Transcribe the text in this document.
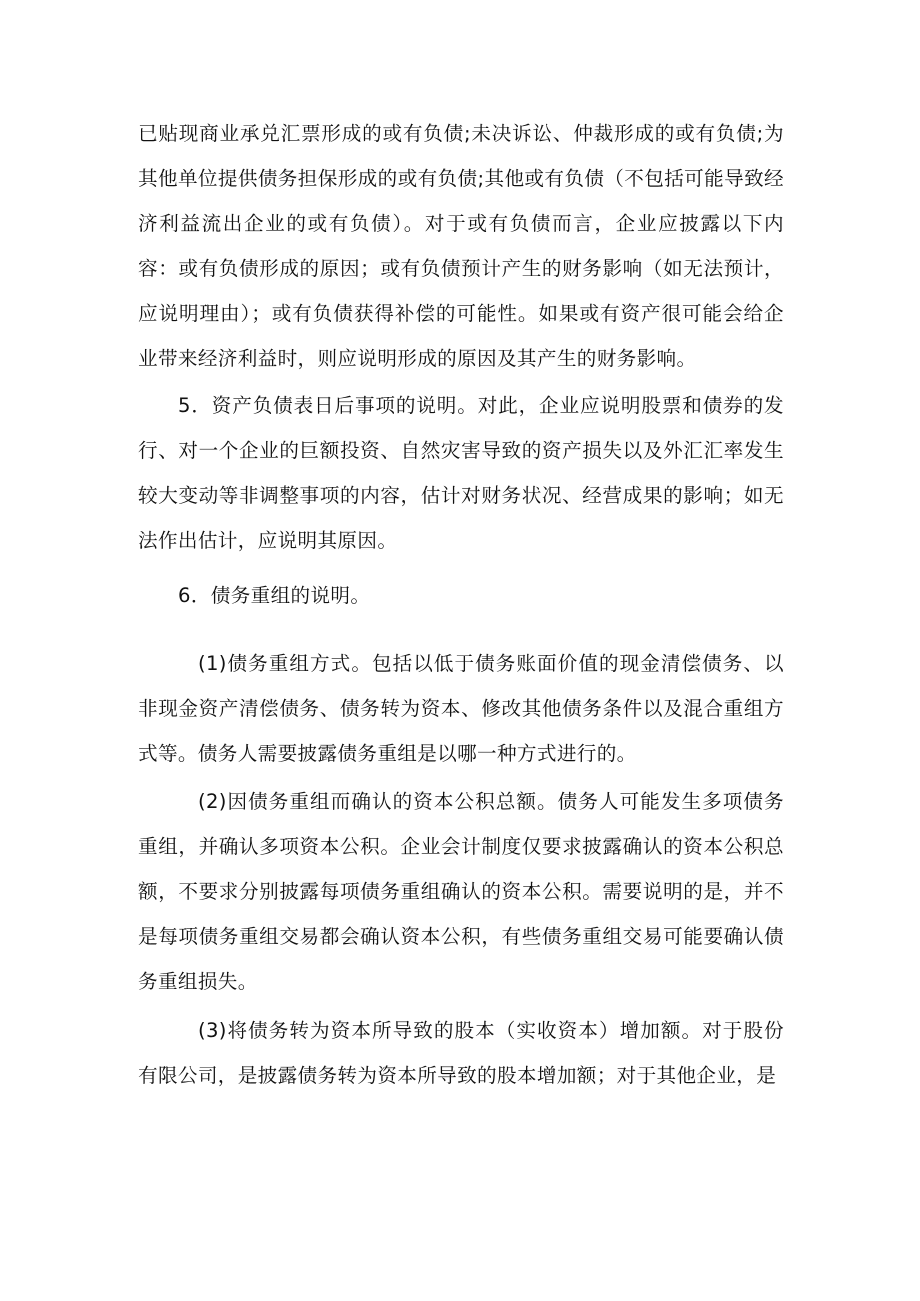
已贴现商业承兑汇票形成的或有负债;未决诉讼、仲裁形成的或有负债;为其他单位提供债务担保形成的或有负债;其他或有负债（不包括可能导致经济利益流出企业的或有负债）。对于或有负债而言，企业应披露以下内容：或有负债形成的原因；或有负债预计产生的财务影响（如无法预计，应说明理由）；或有负债获得补偿的可能性。如果或有资产很可能会给企业带来经济利益时，则应说明形成的原因及其产生的财务影响。

5．资产负债表日后事项的说明。对此，企业应说明股票和债券的发行、对一个企业的巨额投资、自然灾害导致的资产损失以及外汇汇率发生较大变动等非调整事项的内容，估计对财务状况、经营成果的影响；如无法作出估计，应说明其原因。

6．债务重组的说明。

(1)债务重组方式。包括以低于债务账面价值的现金清偿债务、以非现金资产清偿债务、债务转为资本、修改其他债务条件以及混合重组方式等。债务人需要披露债务重组是以哪一种方式进行的。

(2)因债务重组而确认的资本公积总额。债务人可能发生多项债务重组，并确认多项资本公积。企业会计制度仅要求披露确认的资本公积总额，不要求分别披露每项债务重组确认的资本公积。需要说明的是，并不是每项债务重组交易都会确认资本公积，有些债务重组交易可能要确认债务重组损失。

(3)将债务转为资本所导致的股本（实收资本）增加额。对于股份有限公司，是披露债务转为资本所导致的股本增加额；对于其他企业，是
